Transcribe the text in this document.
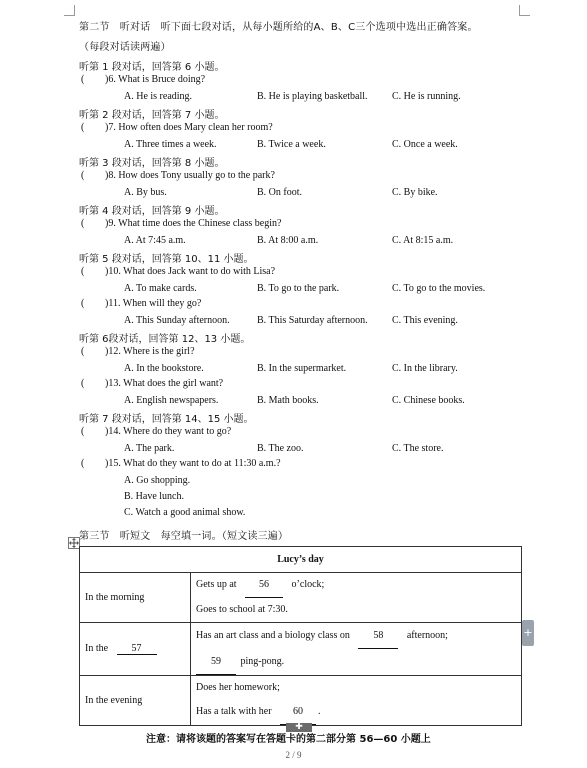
第二节　听对话　听下面七段对话，从每小题所给的A、B、C三个选项中选出正确答案。
（每段对话读两遍）
听第 1 段对话，回答第 6 小题。
听第 2 段对话，回答第 7 小题。
听第 3 段对话，回答第 8 小题。
听第 4 段对话，回答第 9 小题。
听第 5 段对话，回答第 10、11 小题。
听第 6段对话，回答第 12、13 小题。
听第 7 段对话，回答第 14、15 小题。
( )6. What is Bruce doing?
A. He is reading.	B. He is playing basketball. C. He is running.
( )7. How often does Mary clean her room?
A. Three times a week.	B. Twice a week.	C. Once a week.
( )8. How does Tony usually go to the park?
A. By bus.	B. On foot.	C. By bike.
( )9. What time does the Chinese class begin?
A. At 7:45 a.m.	B. At 8:00 a.m.	C. At 8:15 a.m.
( )10. What does Jack want to do with Lisa?
A. To make cards.	B. To go to the park.	C. To go to the movies.
( )11. When will they go?
A. This Sunday afternoon.	B. This Saturday afternoon. C. This evening.
( )12. Where is the girl?
A. In the bookstore.	B. In the supermarket.	C. In the library.
( )13. What does the girl want?
A. English newspapers.	B. Math books.	C. Chinese books.
( )14. Where do they want to go?
A. The park.	B. The zoo.	C. The store.
( )15. What do they want to do at 11:30 a.m.?
A. Go shopping.
B. Have lunch.
C. Watch a good animal show.
第三节　听短文　每空填一词。（短文读三遍）
Lucy’s day	
In the morning	Gets up at 56 o’clock;
Goes to school at 7:30.

In the 57	Has an art class and a biology class on 58 afternoon;
59 ping-pong.

In the evening	Does her homework;
Has a talk with her 60 .
+
✚
注意：请将该题的答案写在答题卡的第二部分第 56—60 小题上
2 / 9
